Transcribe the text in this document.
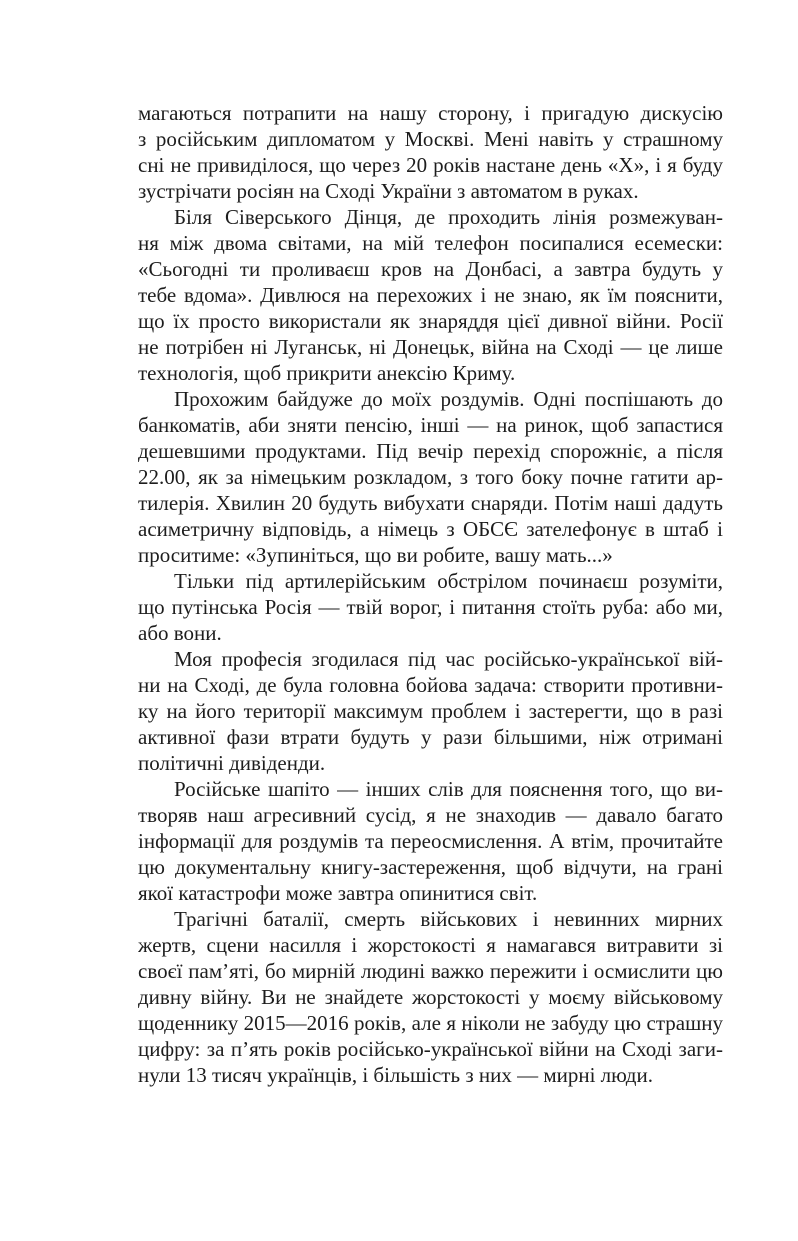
магаються потрапити на нашу сторону, і пригадую дискусію
з російським дипломатом у Москві. Мені навіть у страшному
сні не привиділося, що через 20 років настане день «Х», і я буду
зустрічати росіян на Сході України з автоматом в руках.
Біля Сіверського Дінця, де проходить лінія розмежуван-
ня між двома світами, на мій телефон посипалися есемески:
«Сьогодні ти проливаєш кров на Донбасі, а завтра будуть у
тебе вдома». Дивлюся на перехожих і не знаю, як їм пояснити,
що їх просто використали як знаряддя цієї дивної війни. Росії
не потрібен ні Луганськ, ні Донецьк, війна на Сході — це лише
технологія, щоб прикрити анексію Криму.
Прохожим байдуже до моїх роздумів. Одні поспішають до
банкоматів, аби зняти пенсію, інші — на ринок, щоб запастися
дешевшими продуктами. Під вечір перехід спорожніє, а після
22.00, як за німецьким розкладом, з того боку почне гатити ар-
тилерія. Хвилин 20 будуть вибухати снаряди. Потім наші дадуть
асиметричну відповідь, а німець з ОБСЄ зателефонує в штаб і
проситиме: «Зупиніться, що ви робите, вашу мать...»
Тільки під артилерійським обстрілом починаєш розуміти,
що путінська Росія — твій ворог, і питання стоїть руба: або ми,
або вони.
Моя професія згодилася під час російсько-української вій-
ни на Сході, де була головна бойова задача: створити противни-
ку на його території максимум проблем і застерегти, що в разі
активної фази втрати будуть у рази більшими, ніж отримані
політичні дивіденди.
Російське шапіто — інших слів для пояснення того, що ви-
творяв наш агресивний сусід, я не знаходив — давало багато
інформації для роздумів та переосмислення. А втім, прочитайте
цю документальну книгу-застереження, щоб відчути, на грані
якої катастрофи може завтра опинитися світ.
Трагічні баталії, смерть військових і невинних мирних
жертв, сцени насилля і жорстокості я намагався витравити зі
своєї пам’яті, бо мирній людині важко пережити і осмислити цю
дивну війну. Ви не знайдете жорстокості у моєму військовому
щоденнику 2015—2016 років, але я ніколи не забуду цю страшну
цифру: за п’ять років російсько-української війни на Сході заги-
нули 13 тисяч українців, і більшість з них — мирні люди.
